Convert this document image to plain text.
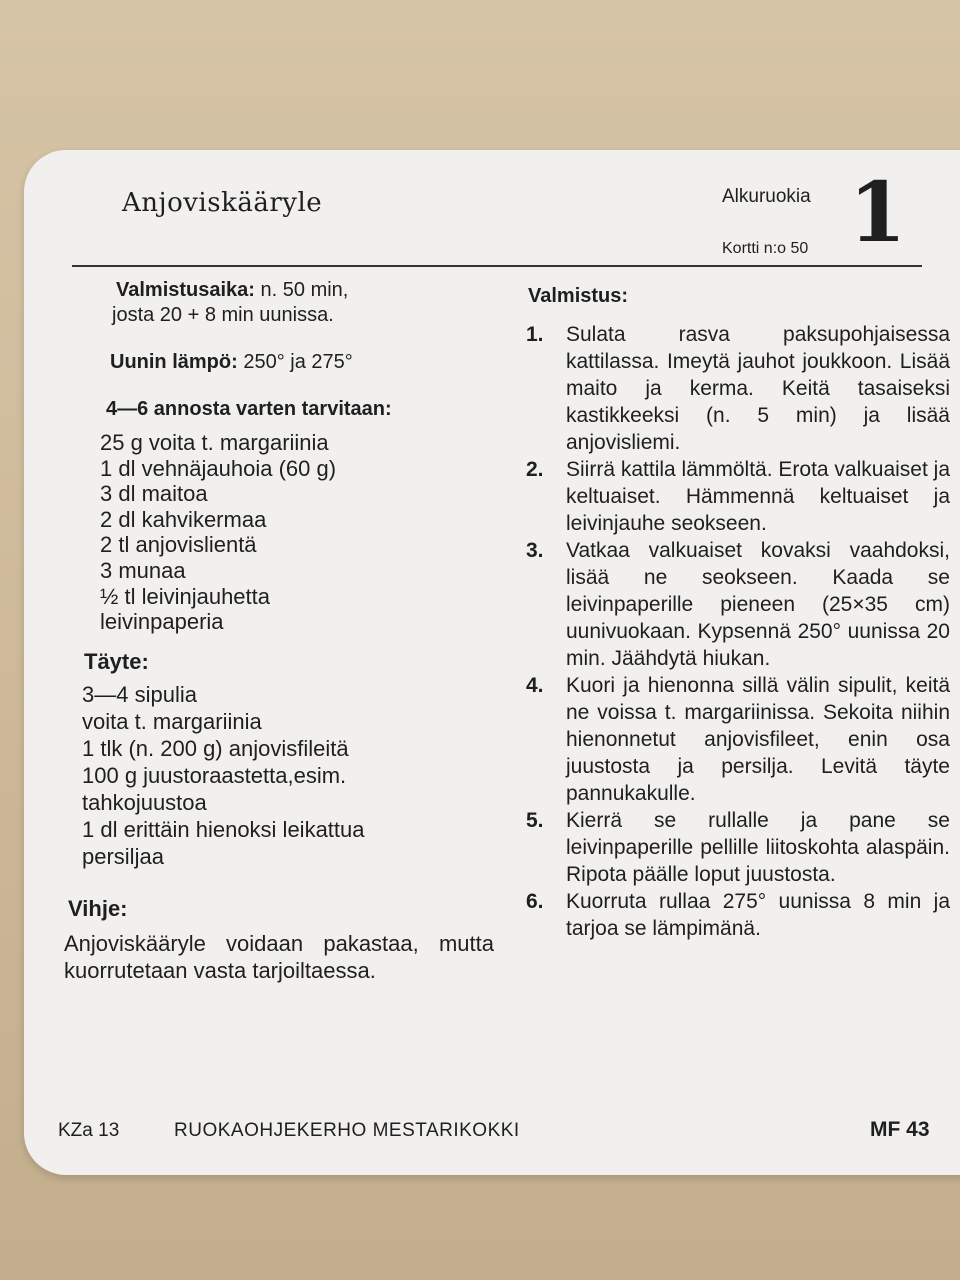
Anjoviskääryle	Alkuruokia
Kortti n:o 50 1
Valmistusaika: n. 50 min,
josta 20 + 8 min uunissa.
Uunin lämpö: 250° ja 275°
4—6 annosta varten tarvitaan:
25 g voita t. margariinia
1 dl vehnäjauhoia (60 g)
3 dl maitoa
2 dl kahvikermaa
2 tl anjovislientä
3 munaa
½ tl leivinjauhetta
leivinpaperia
Täyte:
3—4 sipulia
voita t. margariinia
1 tlk (n. 200 g) anjovisfileitä
100 g juustoraastetta,esim.
tahkojuustoa
1 dl erittäin hienoksi leikattua
persiljaa
Vihje:
Anjoviskääryle voidaan pakastaa, mutta kuorrutetaan vasta tarjoiltaessa.
Valmistus:
1. Sulata rasva paksupohjaisessa kattilassa. Imeytä jauhot joukkoon. Lisää maito ja kerma. Keitä tasaiseksi kastikkeeksi (n. 5 min) ja lisää anjovisliemi.
2. Siirrä kattila lämmöltä. Erota valkuaiset ja keltuaiset. Hämmennä keltuaiset ja leivinjauhe seokseen.
3. Vatkaa valkuaiset kovaksi vaahdoksi, lisää ne seokseen. Kaada se leivinpaperille pieneen (25×35 cm) uunivuokaan. Kypsennä 250° uunissa 20 min. Jäähdytä hiukan.
4. Kuori ja hienonna sillä välin sipulit, keitä ne voissa t. margariinissa. Sekoita niihin hienonnetut anjovisfileet, enin osa juustosta ja persilja. Levitä täyte pannukakulle.
5. Kierrä se rullalle ja pane se leivinpaperille pellille liitoskohta alaspäin. Ripota päälle loput juustosta.
6. Kuorruta rullaa 275° uunissa 8 min ja tarjoa se lämpimänä.
KZa 13	RUOKAOHJEKERHO MESTARIKOKKI	MF 43
